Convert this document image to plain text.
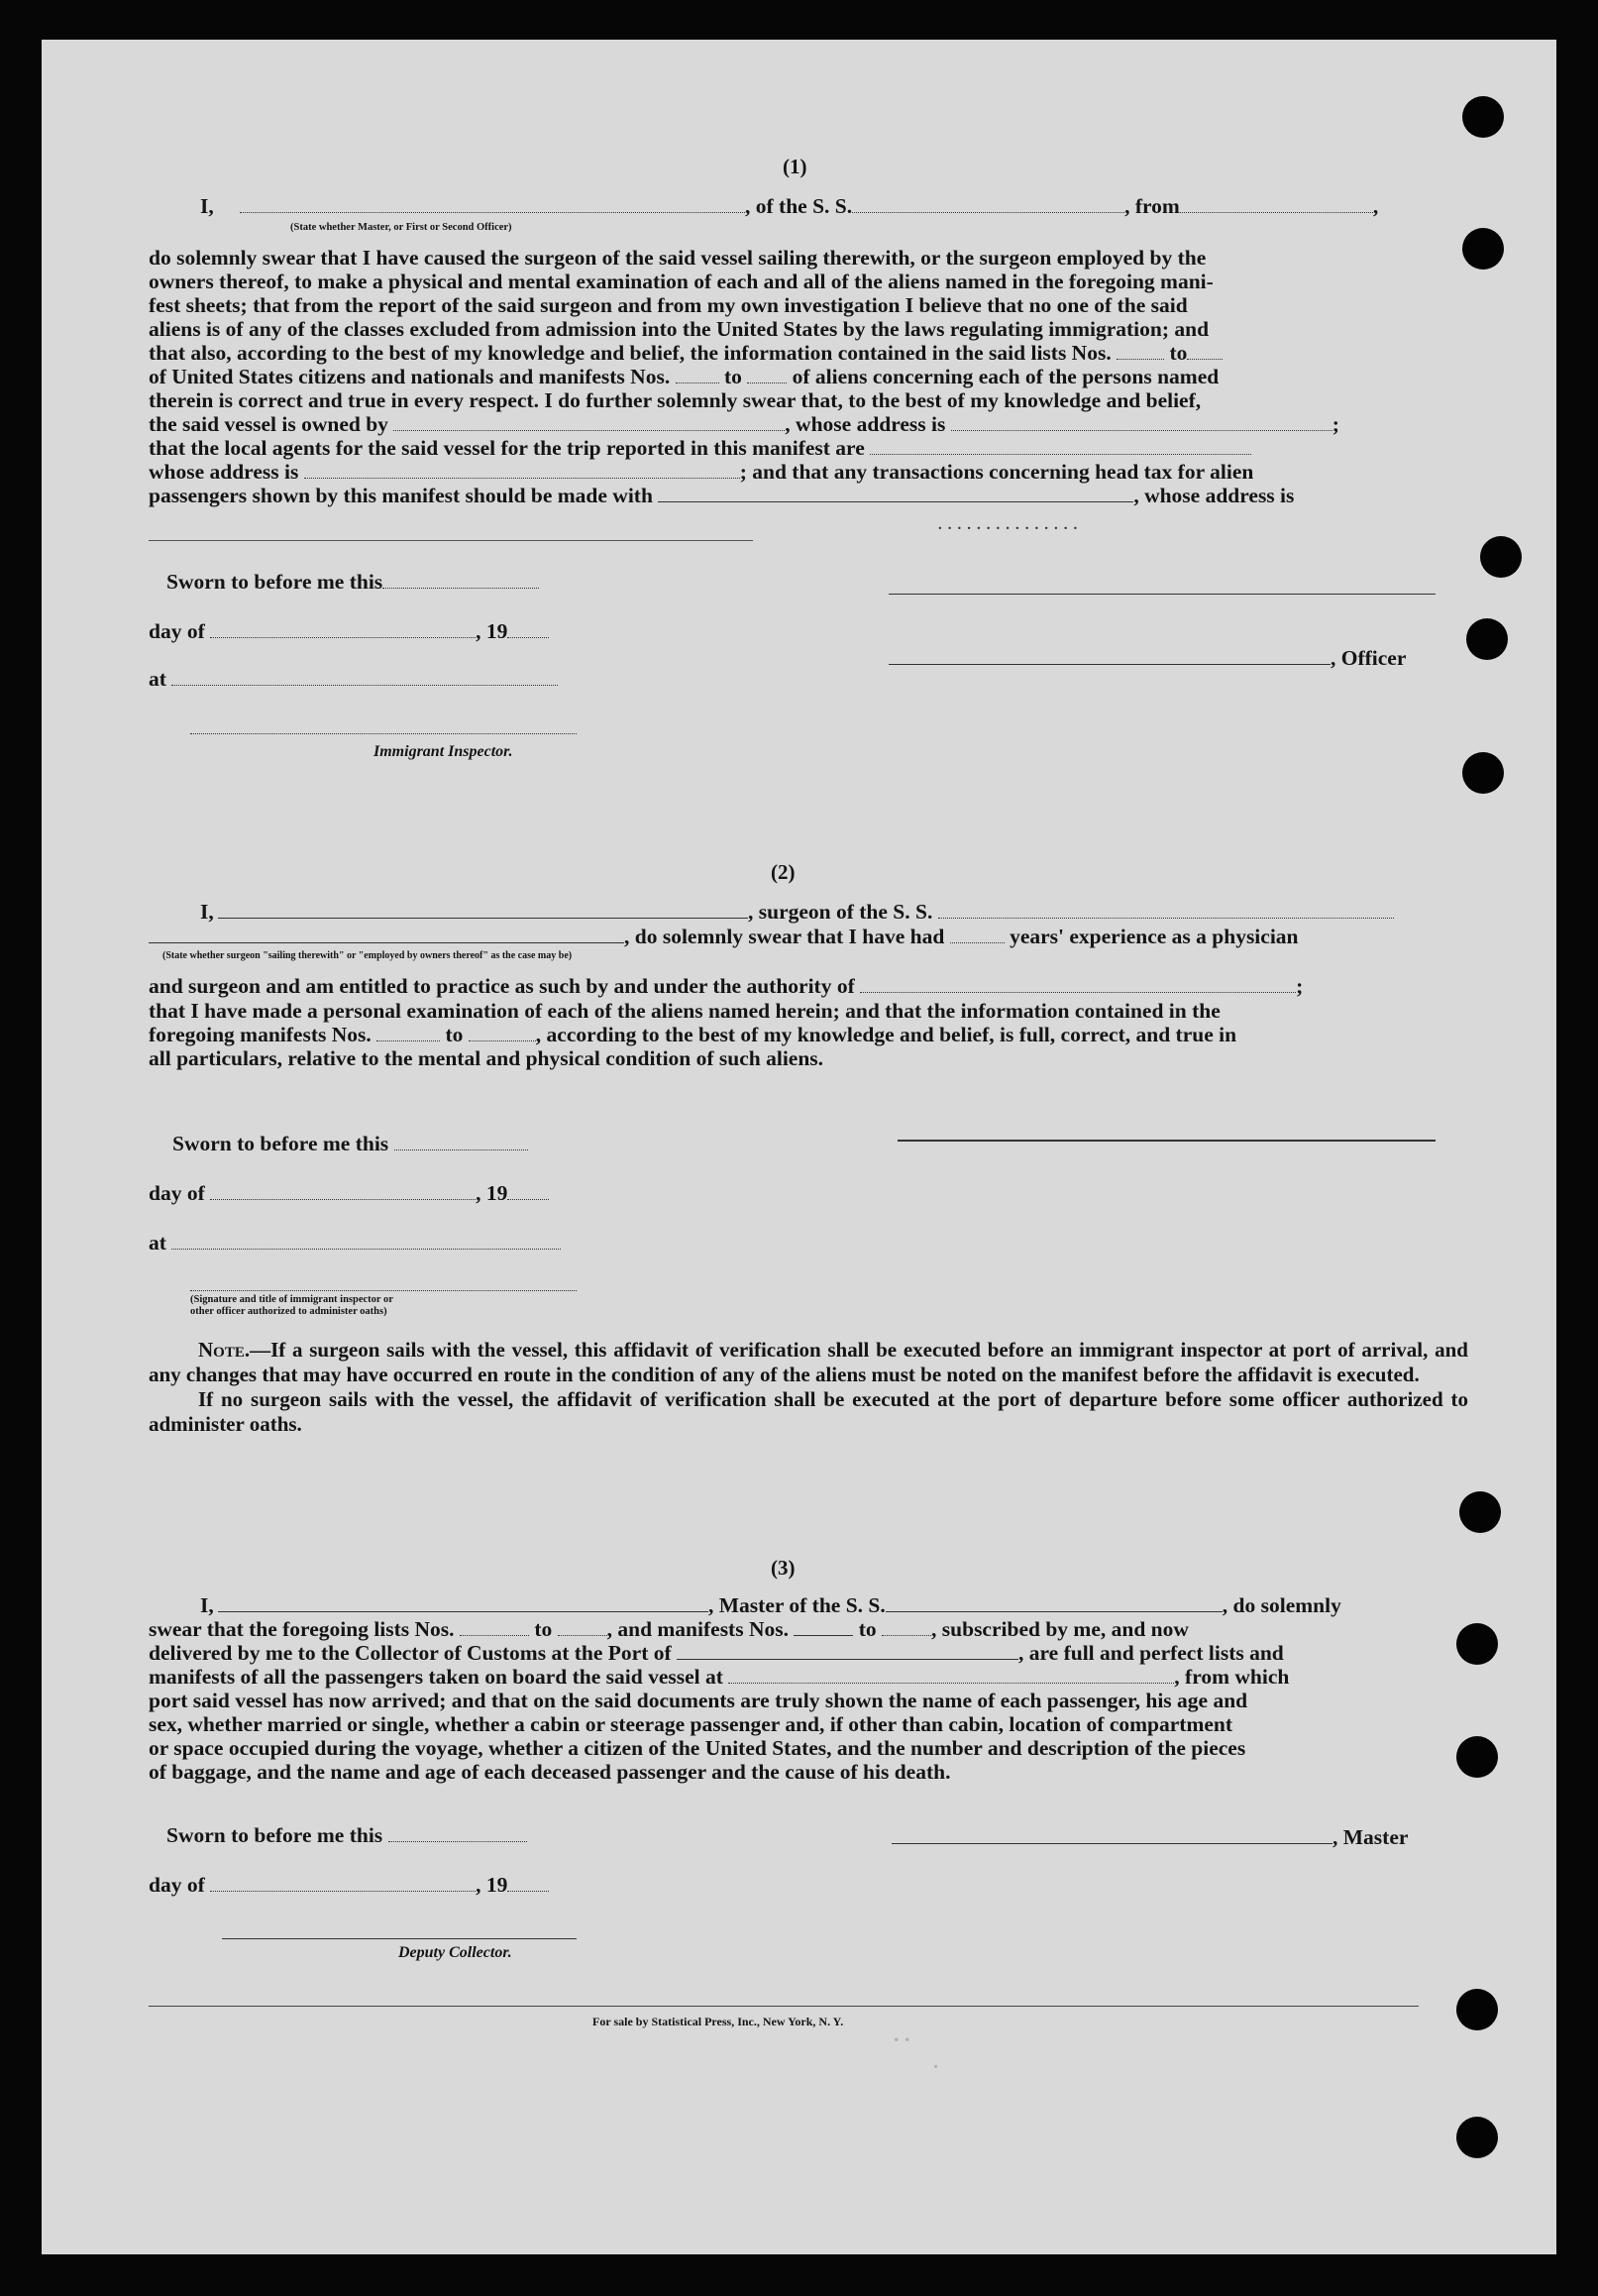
(1)
I,	, of the S. S.	, from	,
(State whether Master, or First or Second Officer)
do solemnly swear that I have caused the surgeon of the said vessel sailing therewith, or the surgeon employed by the
owners thereof, to make a physical and mental examination of each and all of the aliens named in the foregoing mani-
fest sheets; that from the report of the said surgeon and from my own investigation I believe that no one of the said
aliens is of any of the classes excluded from admission into the United States by the laws regulating immigration; and
that also, according to the best of my knowledge and belief, the information contained in the said lists Nos.	to
of United States citizens and nationals and manifests Nos.	to of aliens concerning each of the persons named
therein is correct and true in every respect. I do further solemnly swear that, to the best of my knowledge and belief,
the said vessel is owned by	, whose address is	;
that the local agents for the said vessel for the trip reported in this manifest are
whose address is	; and that any transactions concerning head tax for alien
passengers shown by this manifest should be made with	, whose address is
...............
Sworn to before me this
day of	, 19
at
Immigrant Inspector.
, Officer
(2)
I,	, surgeon of the S. S.
, do solemnly swear that I have had	years' experience as a physician
(State whether surgeon "sailing therewith" or "employed by owners thereof" as the case may be)
and surgeon and am entitled to practice as such by and under the authority of	;
that I have made a personal examination of each of the aliens named herein; and that the information contained in the
foregoing manifests Nos.	to	, according to the best of my knowledge and belief, is full, correct, and true in
all particulars, relative to the mental and physical condition of such aliens.
Sworn to before me this
day of	, 19
at
(Signature and title of immigrant inspector or
other officer authorized to administer oaths)

Note.—If a surgeon sails with the vessel, this affidavit of verification shall be executed before an immigrant inspector at port of arrival, and any changes that may have occurred en route in the condition of any of the aliens must be noted on the manifest before the affidavit is executed.

If no surgeon sails with the vessel, the affidavit of verification shall be executed at the port of departure before some officer authorized to administer oaths.

(3)
I,	, Master of the S. S.	, do solemnly
swear that the foregoing lists Nos.	to	, and manifests Nos.	to	, subscribed by me, and now
delivered by me to the Collector of Customs at the Port of	, are full and perfect lists and
manifests of all the passengers taken on board the said vessel at	, from which
port said vessel has now arrived; and that on the said documents are truly shown the name of each passenger, his age and
sex, whether married or single, whether a cabin or steerage passenger and, if other than cabin, location of compartment
or space occupied during the voyage, whether a citizen of the United States, and the number and description of the pieces
of baggage, and the name and age of each deceased passenger and the cause of his death.
Sworn to before me this
day of	, 19
Deputy Collector.
, Master
For sale by Statistical Press, Inc., New York, N. Y. . .
.
